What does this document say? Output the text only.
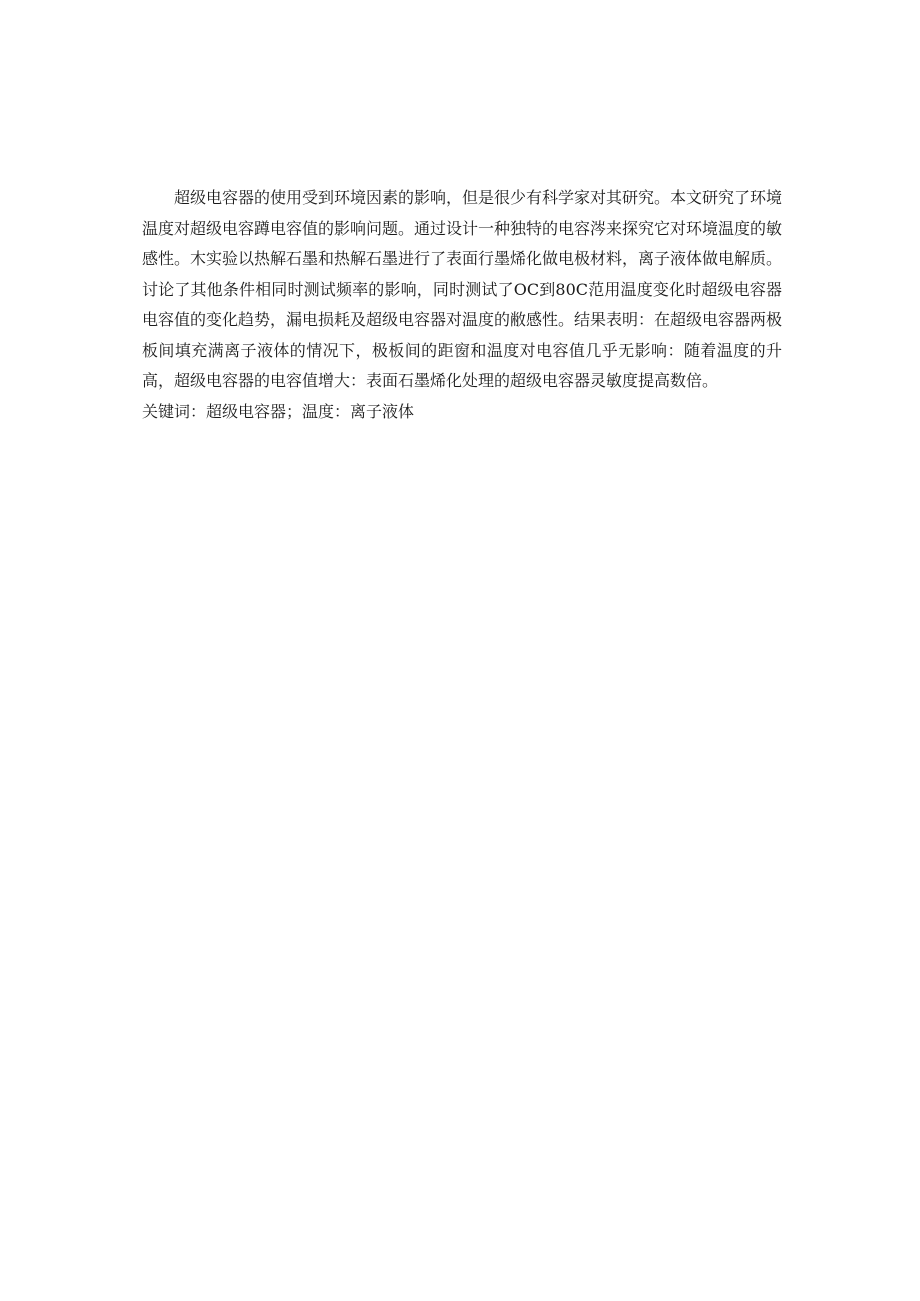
超级电容器的使用受到环境因素的影响，但是很少有科学家对其研究。本文研究了环境温度对超级电容蹲电容值的影响问题。通过设计一种独特的电容涔来探究它对环境温度的敏感性。木实验以热解石墨和热解石墨进行了表面行墨烯化做电极材料，离子液体做电解质。讨论了其他条件相同时测试频率的影响，同时测试了OC到80C范用温度变化时超级电容器电容值的变化趋势，漏电损耗及超级电容器对温度的敝感性。结果表明：在超级电容器两极板间填充满离子液体的情况下，极板间的距窗和温度对电容值几乎无影响：随着温度的升高，超级电容器的电容值增大：表面石墨烯化处理的超级电容器灵敏度提高数倍。

关键词：超级电容器；温度：离子液体
